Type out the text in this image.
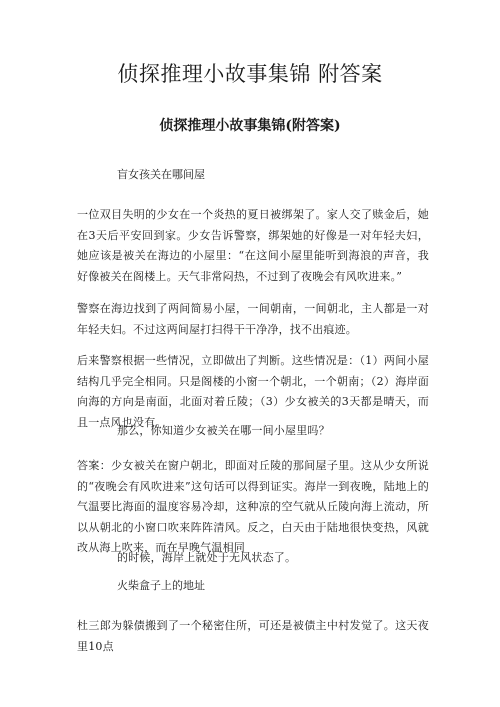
侦探推理小故事集锦 附答案
侦探推理小故事集锦(附答案)
盲女孩关在哪间屋
一位双目失明的少女在一个炎热的夏日被绑架了。家人交了赎金后，她在3天后平安回到家。少女告诉警察，绑架她的好像是一对年轻夫妇，她应该是被关在海边的小屋里：“在这间小屋里能听到海浪的声音，我好像被关在阁楼上。天气非常闷热，不过到了夜晚会有风吹进来。”
警察在海边找到了两间简易小屋，一间朝南，一间朝北，主人都是一对年轻夫妇。不过这两间屋打扫得干干净净，找不出痕迹。
后来警察根据一些情况，立即做出了判断。这些情况是：（1）两间小屋结构几乎完全相同。只是阁楼的小窗一个朝北，一个朝南；（2）海岸面向海的方向是南面，北面对着丘陵；（3）少女被关的3天都是晴天，而且一点风也没有。
那么，你知道少女被关在哪一间小屋里吗？
答案：少女被关在窗户朝北，即面对丘陵的那间屋子里。这从少女所说的“夜晚会有风吹进来”这句话可以得到证实。海岸一到夜晚，陆地上的气温要比海面的温度容易冷却，这种凉的空气就从丘陵向海上流动，所以从朝北的小窗口吹来阵阵清风。反之，白天由于陆地很快变热，风就改从海上吹来，而在早晚气温相同
的时候，海岸上就处于无风状态了。
火柴盒子上的地址
杜三郎为躲债搬到了一个秘密住所，可还是被债主中村发觉了。这天夜里10点
